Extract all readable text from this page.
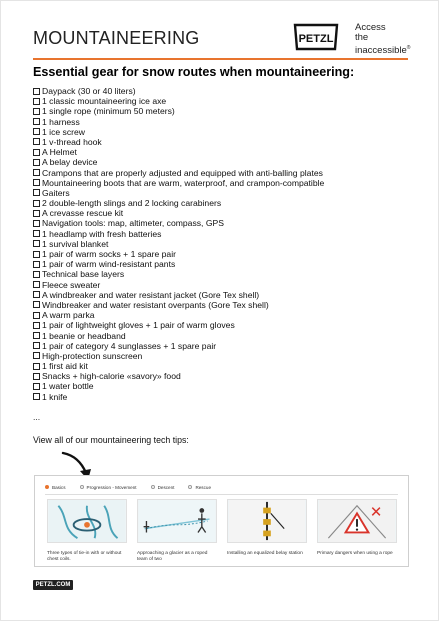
MOUNTAINEERING	PETZL
Access
the
inaccessible®
Essential gear for snow routes when mountaineering:
Daypack (30 or 40 liters)
1 classic mountaineering ice axe
1 single rope (minimum 50 meters)
1 harness
1 ice screw
1 v-thread hook
A Helmet
A belay device
Crampons that are properly adjusted and equipped with anti-balling plates
Mountaineering boots that are warm, waterproof, and crampon-compatible
Gaiters
2 double-length slings and 2 locking carabiners
A crevasse rescue kit
Navigation tools: map, altimeter, compass, GPS
1 headlamp with fresh batteries
1 survival blanket
1 pair of warm socks + 1 spare pair
1 pair of warm wind-resistant pants
Technical base layers
Fleece sweater
A windbreaker and water resistant jacket (Gore Tex shell)
Windbreaker and water resistant overpants (Gore Tex shell)
A warm parka
1 pair of lightweight gloves + 1 pair of warm gloves
1 beanie or headband
1 pair of category 4 sunglasses + 1 spare pair
High-protection sunscreen
1 first aid kit
Snacks + high-calorie «savory» food
1 water bottle
1 knife
...
View all of our mountaineering tech tips:
Basics	Progression - Movement	Descent	Rescue
Three types of tie-in with or without chest coils.
Approaching a glacier as a roped team of two
Installing an equalized belay station	Primary dangers when using a rope
PETZL.COM
